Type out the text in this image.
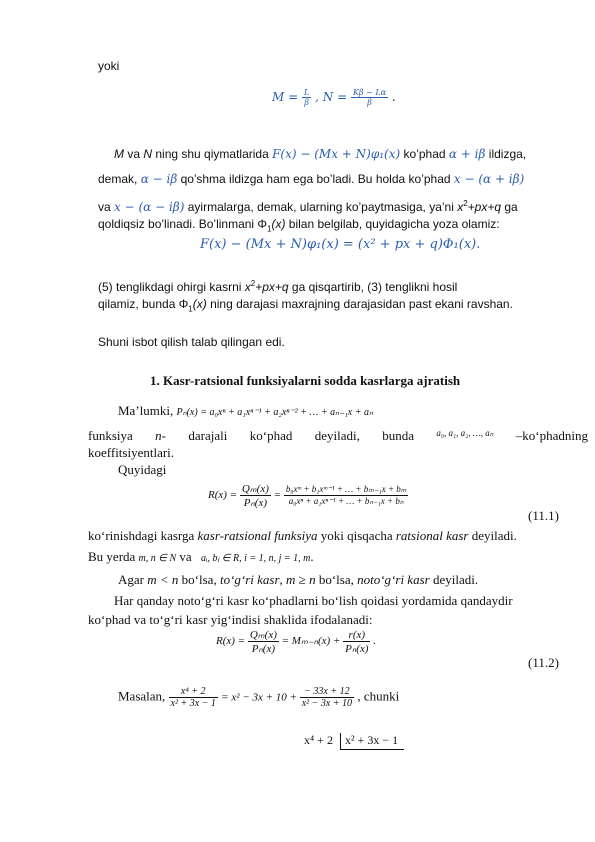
yoki
$M = \frac{L}{\beta}$ , $N = \frac{K\beta - L\alpha}{\beta}$ .
M va N ning shu qiymatlarida F(x) − (Mx + N)φ₁(x) ko’phad α + iβ ildizga,
demak, α − iβ qo’shma ildizga ham ega bo’ladi. Bu holda ko’phad x − (α + iβ)
va x − (α − iβ) ayirmalarga, demak, ularning ko’paytmasiga, ya’ni $x^2+px+q$ ga
qoldiqsiz bo’linadi. Bo’linmani $\Phi_1(x)$ bilan belgilab, quyidagicha yoza olamiz:
F(x) − (Mx + N)φ₁(x) = (x² + px + q)Φ₁(x).
(5) tenglikdagi ohirgi kasrni $x^2+px+q$ ga qisqartirib, (3) tenglikni hosil
qilamiz, bunda $\Phi_1(x)$ ning darajasi maxrajning darajasidan past ekani ravshan.
Shuni isbot qilish talab qilingan edi.
1. Kasr-ratsional funksiyalarni sodda kasrlarga ajratish
Ma’lumki, Pₙ(x) = a₀xⁿ + a₁xⁿ⁻¹ + a₂xⁿ⁻² + … + aₙ₋₁x + aₙ
funksiya n- darajali ko‘phad deyiladi, bunda a₀, a₁, a₂, …, aₙ –ko‘phadning
koeffitsiyentlari.
Quyidagi
$R(x) = \frac{\text{Qₘ(x)}}{\text{Pₙ(x)}} = \frac{\text{b₀xᵐ + b₁xᵐ⁻¹ + … + bₘ₋₁x + bₘ}}{\text{a₀xⁿ + a₁xⁿ⁻¹ + … + bₙ₋₁x + bₙ}}$
(11.1)
ko‘rinishdagi kasrga kasr-ratsional funksiya yoki qisqacha ratsional kasr deyiladi.
Bu yerda m, n ∈ N va aᵢ, bⱼ ∈ R, i = 1, n, j = 1, m.
Agar m < n bo‘lsa, to‘g‘ri kasr, m ≥ n bo‘lsa, noto‘g‘ri kasr deyiladi.
Har qanday noto‘g‘ri kasr ko‘phadlarni bo‘lish qoidasi yordamida qandaydir
ko‘phad va to‘g‘ri kasr yig‘indisi shaklida ifodalanadi:
$R(x) = \frac{\text{Qₘ(x)}}{\text{Pₙ(x)}} = M_{m-n}(x) + \frac{r(x)}{\text{Pₙ(x)}}$ .
(11.2)
Masalan, $\frac{\text{x⁴ + 2}}{\text{x² + 3x − 1}} = x^2 - 3x + 10 + \frac{- 33x + 12}{\text{x² − 3x + 10}}$ , chunki
x⁴ + 2 x² + 3x − 1
